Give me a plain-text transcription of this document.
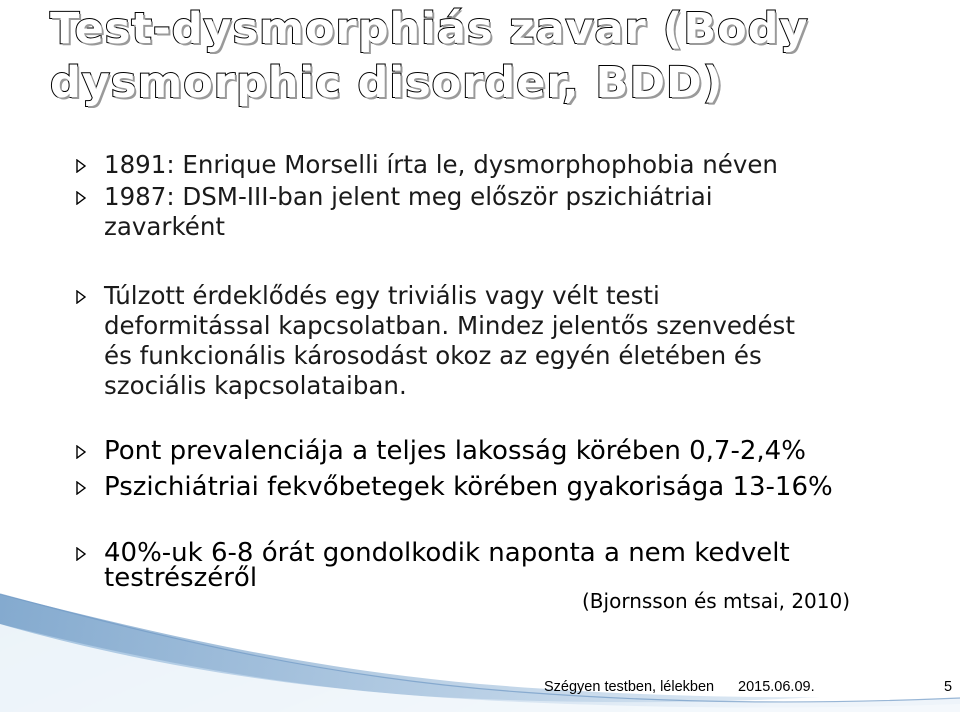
Test-dysmorphiás zavar (Body
dysmorphic disorder, BDD)
1891: Enrique Morselli írta le, dysmorphophobia néven
1987: DSM-III-ban jelent meg először pszichiátriai
zavarként
Túlzott érdeklődés egy triviális vagy vélt testi
deformitással kapcsolatban. Mindez jelentős szenvedést
és funkcionális károsodást okoz az egyén életében és
szociális kapcsolataiban.
Pont prevalenciája a teljes lakosság körében 0,7-2,4%
Pszichiátriai fekvőbetegek körében gyakorisága 13-16%
40%-uk 6-8 órát gondolkodik naponta a nem kedvelt
testrészéről
(Bjornsson és mtsai, 2010)
Szégyen testben, lélekben 2015.06.09.	5
